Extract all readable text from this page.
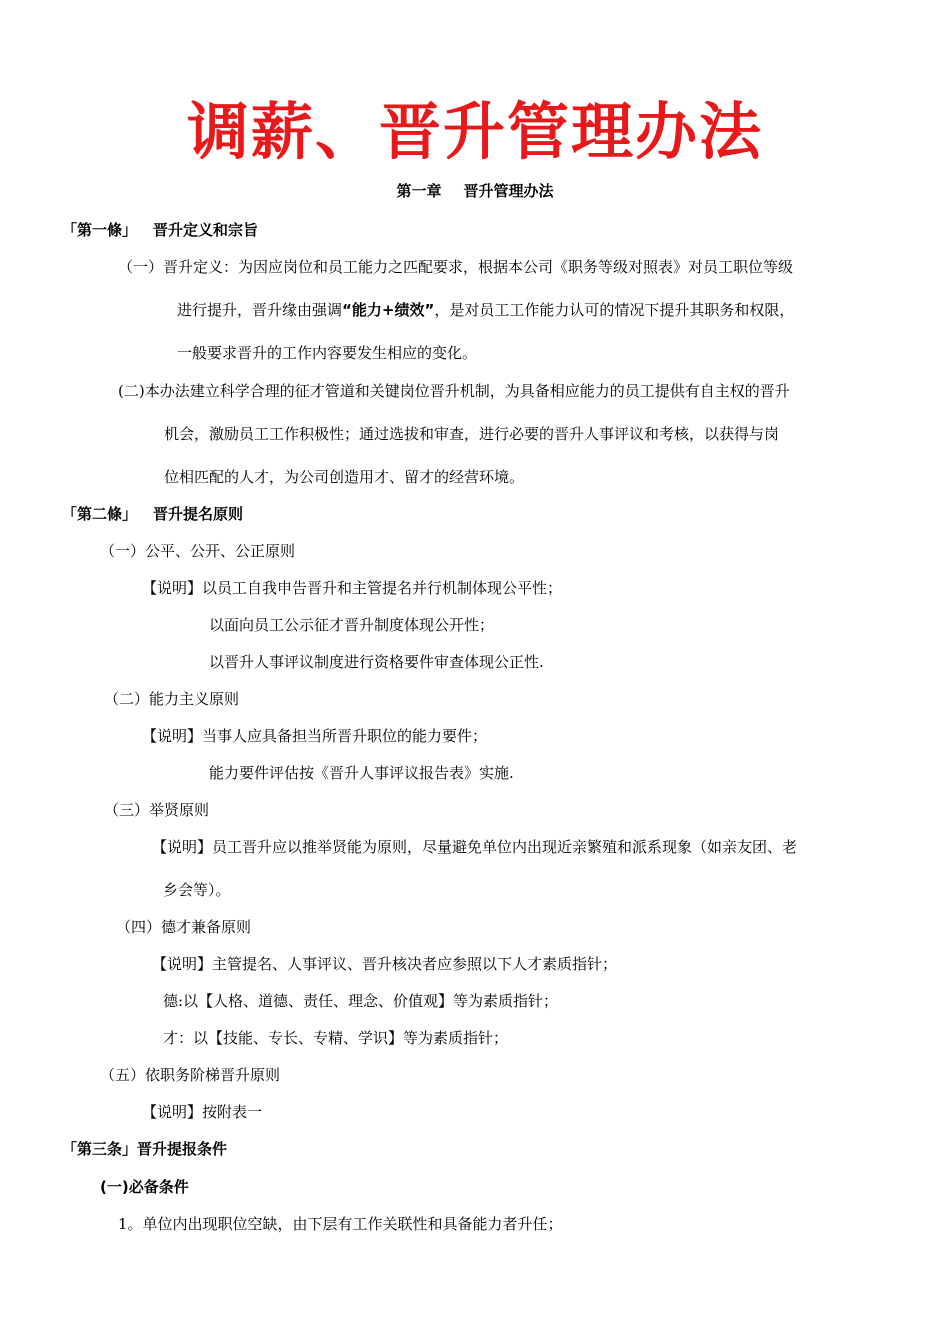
调薪、晋升管理办法
第一章 晋升管理办法
「第一條」 晋升定义和宗旨
（一）晋升定义：为因应岗位和员工能力之匹配要求，根据本公司《职务等级对照表》对员工职位等级
进行提升，晋升缘由强调“能力+绩效”，是对员工工作能力认可的情况下提升其职务和权限，
一般要求晋升的工作内容要发生相应的变化。
(二)本办法建立科学合理的征才管道和关键岗位晋升机制，为具备相应能力的员工提供有自主权的晋升
机会，激励员工工作积极性；通过选拔和审查，进行必要的晋升人事评议和考核，以获得与岗
位相匹配的人才，为公司创造用才、留才的经营环境。
「第二條」 晋升提名原则
（一）公平、公开、公正原则
【说明】以员工自我申告晋升和主管提名并行机制体现公平性；
以面向员工公示征才晋升制度体现公开性；
以晋升人事评议制度进行资格要件审查体现公正性.
（二）能力主义原则
【说明】当事人应具备担当所晋升职位的能力要件；
能力要件评估按《晋升人事评议报告表》实施.
（三）举贤原则
【说明】员工晋升应以推举贤能为原则，尽量避免单位内出现近亲繁殖和派系现象（如亲友团、老
乡会等）。
（四）德才兼备原则
【说明】主管提名、人事评议、晋升核决者应参照以下人才素质指针；
德:以【人格、道德、责任、理念、价值观】等为素质指针；
才：以【技能、专长、专精、学识】等为素质指针；
（五）依职务阶梯晋升原则
【说明】按附表一
「第三条」晋升提报条件
(一)必备条件
1。单位内出现职位空缺，由下层有工作关联性和具备能力者升任；
